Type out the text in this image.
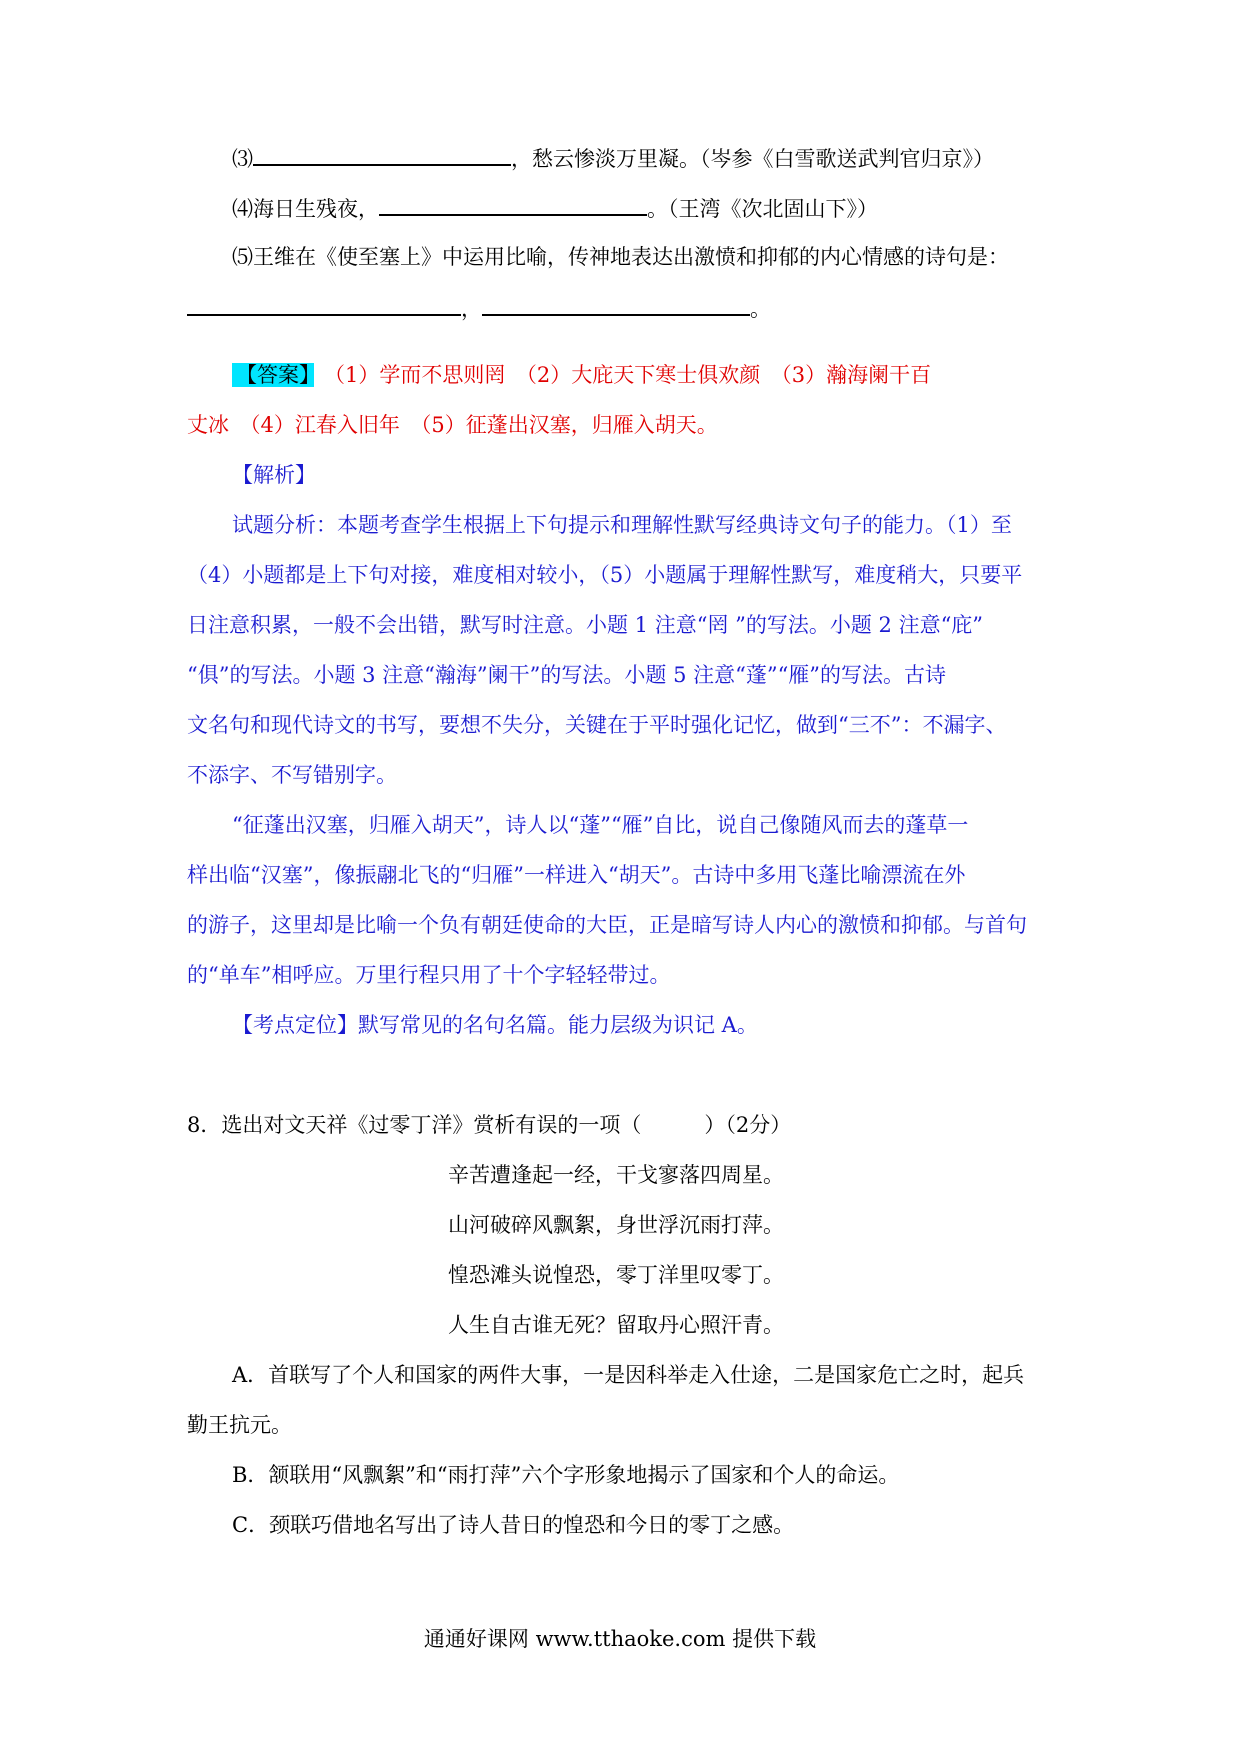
⑶	，愁云惨淡万里凝。（岑参《白雪歌送武判官归京》）
⑷海日生残夜，	。（王湾《次北固山下》）
⑸王维在《使至塞上》中运用比喻，传神地表达出激愤和抑郁的内心情感的诗句是：
，	。
【答案】　 （1）学而不思则罔　（2）大庇天下寒士俱欢颜　（3）瀚海阑干百
丈冰　（4）江春入旧年　（5）征蓬出汉塞，归雁入胡天。
【解析】
试题分析：本题考查学生根据上下句提示和理解性默写经典诗文句子的能力。（1）至
（4）小题都是上下句对接，难度相对较小，（5）小题属于理解性默写，难度稍大，只要平
日注意积累，一般不会出错，默写时注意。小题 1 注意“罔 ”的写法。小题 2 注意“庇”
“俱”的写法。小题 3 注意“瀚海”阑干”的写法。小题 5 注意“蓬”“雁”的写法。古诗
文名句和现代诗文的书写，要想不失分，关键在于平时强化记忆，做到“三不”：不漏字、
不添字、不写错别字。
“征蓬出汉塞，归雁入胡天”，诗人以“蓬”“雁”自比，说自己像随风而去的蓬草一
样出临“汉塞”，像振翮北飞的“归雁”一样进入“胡天”。古诗中多用飞蓬比喻漂流在外
的游子，这里却是比喻一个负有朝廷使命的大臣，正是暗写诗人内心的激愤和抑郁。与首句
的“单车”相呼应。万里行程只用了十个字轻轻带过。
【考点定位】默写常见的名句名篇。能力层级为识记 A。
8．选出对文天祥《过零丁洋》赏析有误的一项（　　　）（2分）
辛苦遭逢起一经，干戈寥落四周星。
山河破碎风飘絮，身世浮沉雨打萍。
惶恐滩头说惶恐，零丁洋里叹零丁。
人生自古谁无死？留取丹心照汗青。
A．首联写了个人和国家的两件大事，一是因科举走入仕途，二是国家危亡之时，起兵
勤王抗元。
B．颔联用“风飘絮”和“雨打萍”六个字形象地揭示了国家和个人的命运。
C．颈联巧借地名写出了诗人昔日的惶恐和今日的零丁之感。
通通好课网 www.tthaoke.com 提供下载
